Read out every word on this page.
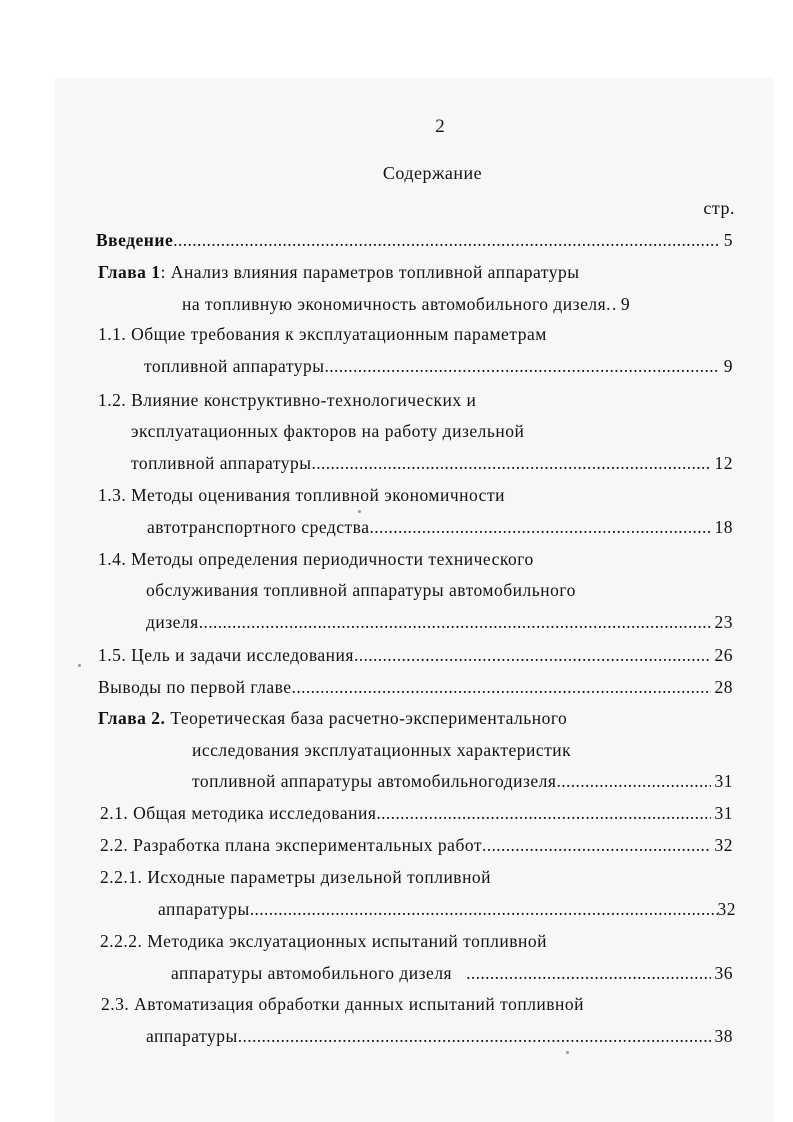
2
Содержание
стр.
Введение . . .	5
Глава 1: Анализ влияния параметров топливной аппаратуры
на топливную экономичность автомобильного дизеля. . 9
1.1. Общие требования к эксплуатационным параметрам
топливной аппаратуры . . .	9
1.2. Влияние конструктивно-технологических и
эксплуатационных факторов на работу дизельной
топливной аппаратуры . . .	12
1.3. Методы оценивания топливной экономичности
автотранспортного средства . . .	18
1.4. Методы определения периодичности технического
обслуживания топливной аппаратуры автомобильного
дизеля . . .	23
1.5. Цель и задачи исследования . . .	26
Выводы по первой главе . . .	28
Глава 2. Теоретическая база расчетно-экспериментального
исследования эксплуатационных характеристик
топливной аппаратуры автомобильногодизеля . . .	31
2.1. Общая методика исследования . . .	31
2.2. Разработка плана экспериментальных работ . . .	32
2.2.1. Исходные параметры дизельной топливной
аппаратуры . . .	32
2.2.2. Методика экслуатационных испытаний топливной
аппаратуры автомобильного дизеля . . .	36
2.3. Автоматизация обработки данных испытаний топливной
аппаратуры . . .	38
